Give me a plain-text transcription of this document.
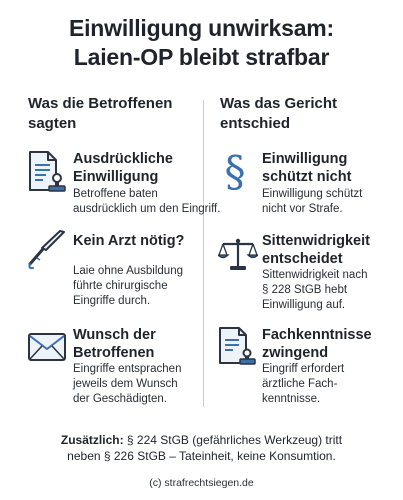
Einwilligung unwirksam:
Laien-OP bleibt strafbar
Was die Betroffenen
sagten
Was das Gericht
entschied
Ausdrückliche
Einwilligung
Betroffene baten
ausdrücklich um den Eingriff.
Kein Arzt nötig?
Laie ohne Ausbildung
führte chirurgische
Eingriffe durch.
Wunsch der
Betroffenen
Eingriffe entsprachen
jeweils dem Wunsch
der Geschädigten.
§ Einwilligung
schützt nicht
Einwilligung schützt
nicht vor Strafe.
Sittenwidrigkeit
entscheidet
Sittenwidrigkeit nach
§ 228 StGB hebt
Einwilligung auf.
Fachkenntnisse
zwingend
Eingriff erfordert
ärztliche Fach-
kenntnisse.
Zusätzlich: § 224 StGB (gefährliches Werkzeug) tritt
neben § 226 StGB – Tateinheit, keine Konsumtion.
(c) strafrechtsiegen.de
